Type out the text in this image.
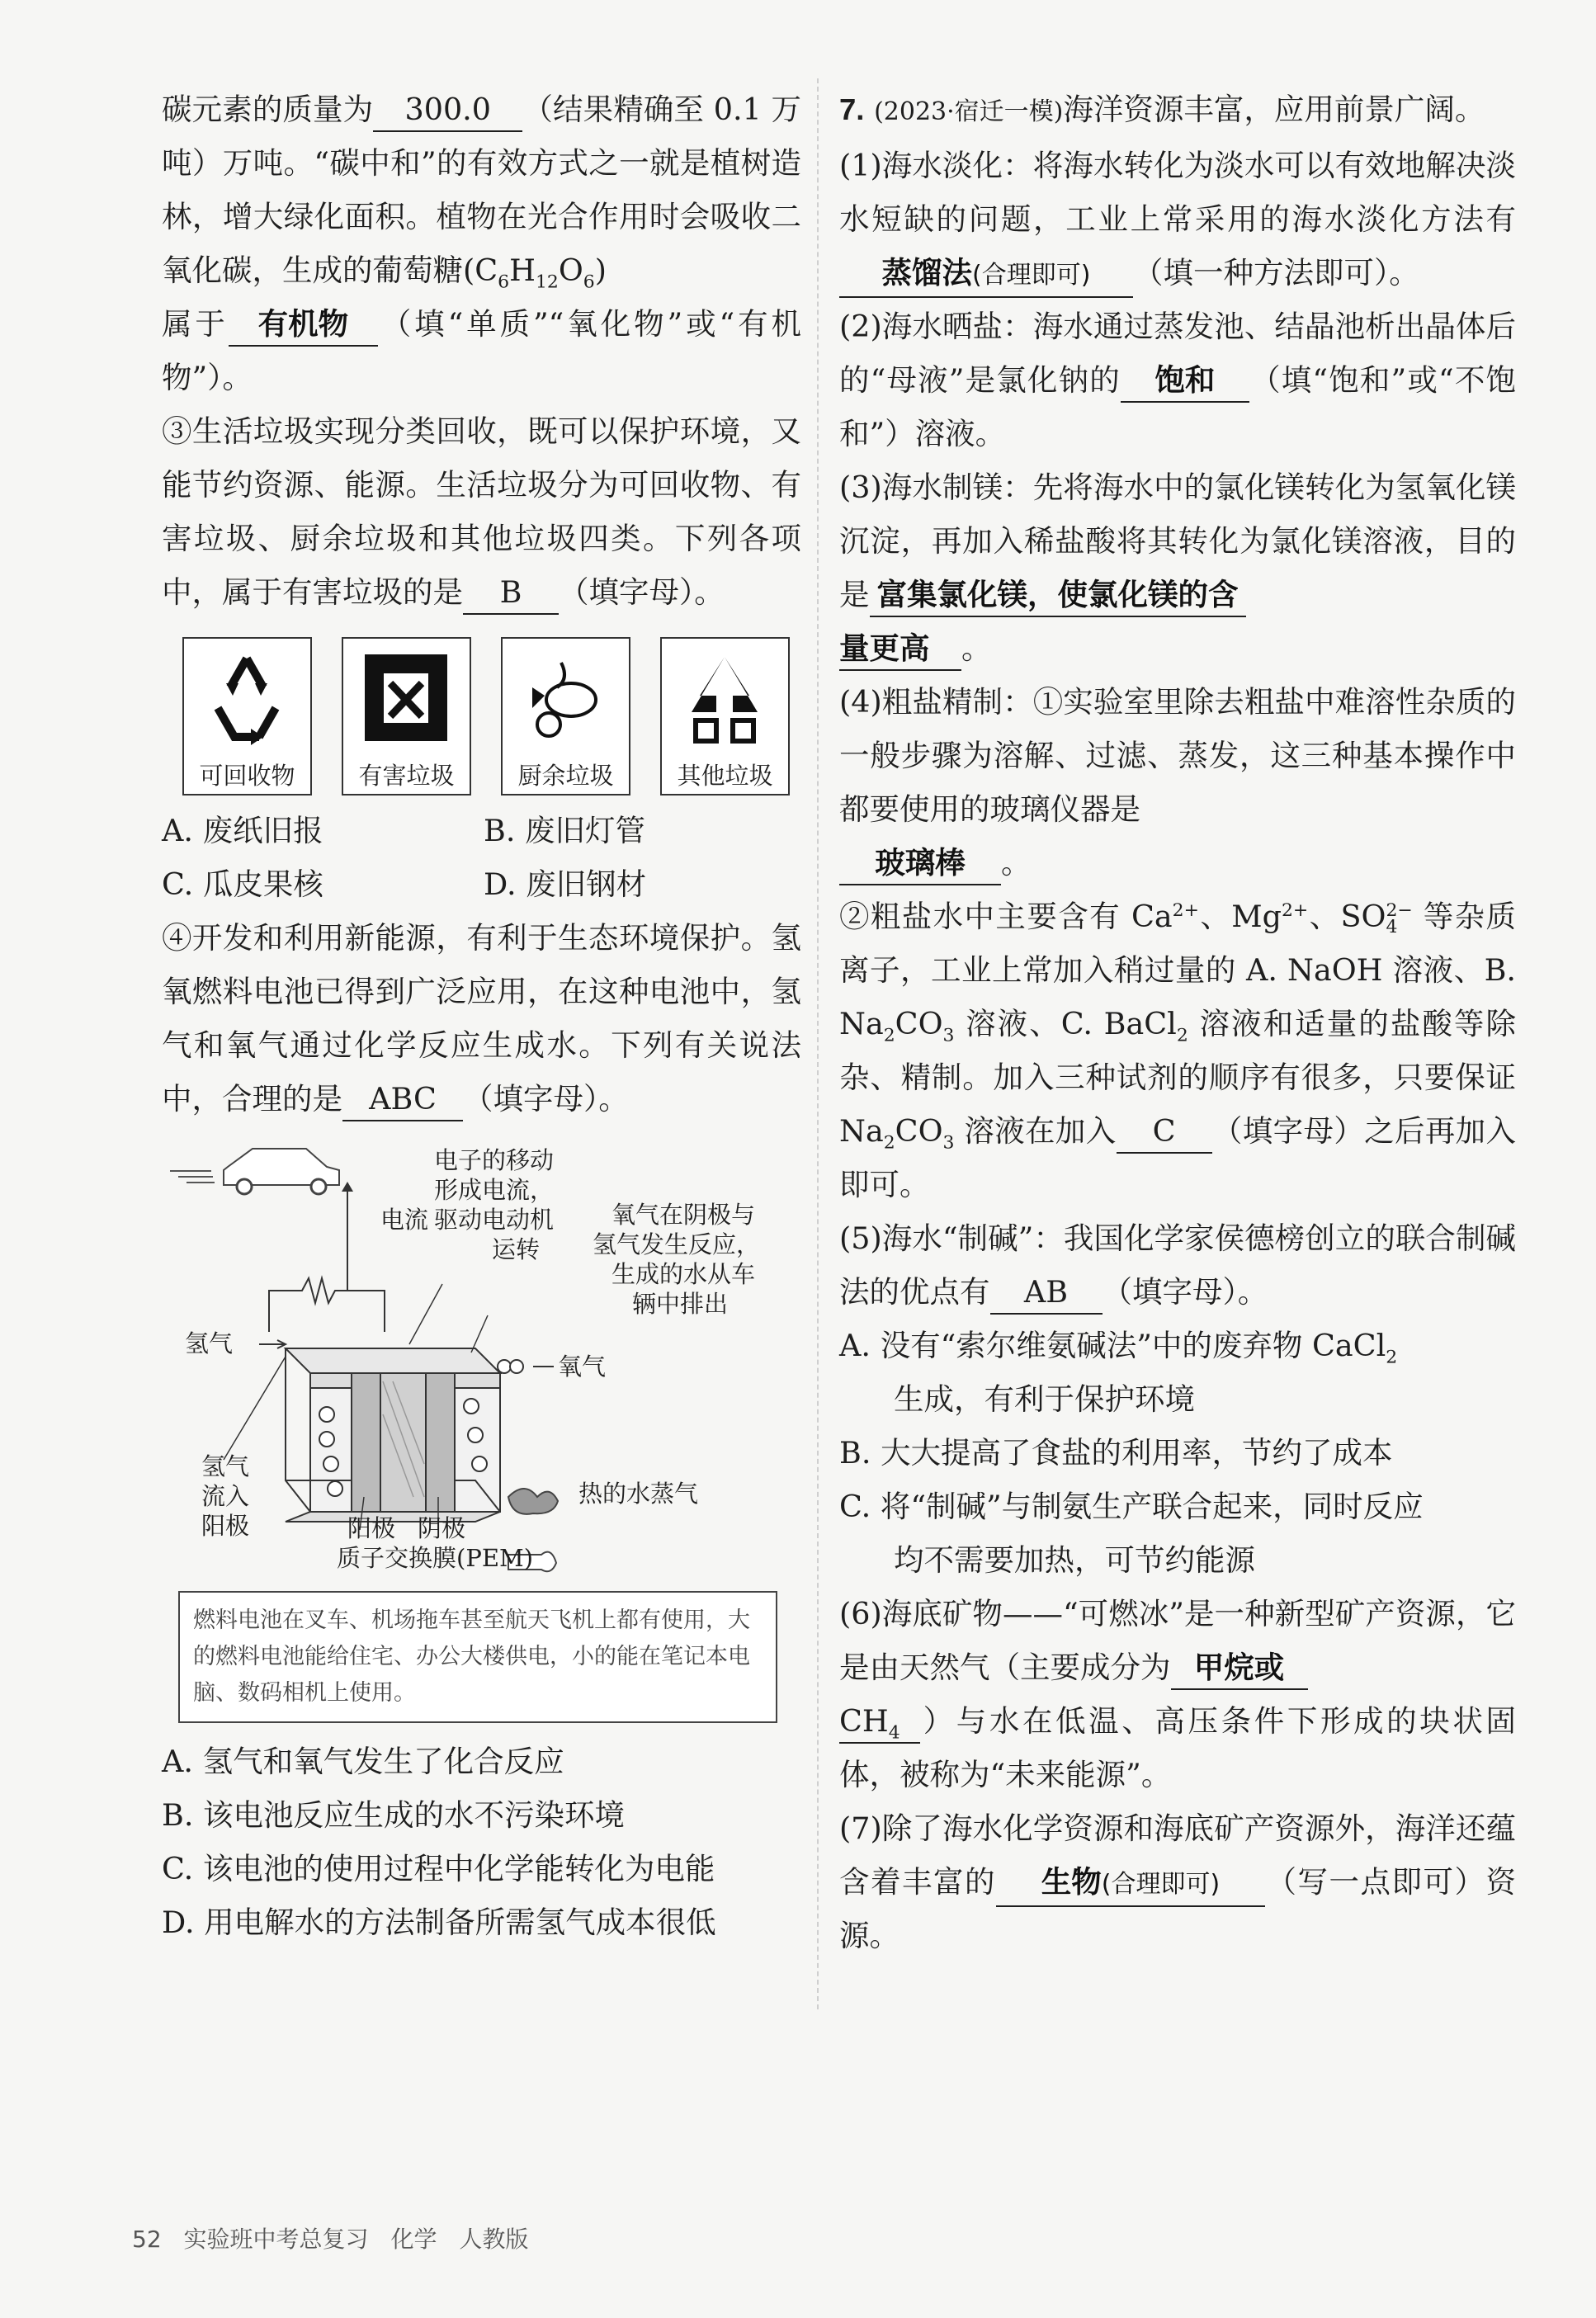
碳元素的质量为 300.0 （结果精确至 0.1 万吨）万吨。“碳中和”的有效方式之一就是植树造林，增大绿化面积。植物在光合作用时会吸收二氧化碳，生成的葡萄糖$(C_6H_{12}O_6)$
属于 有机物 （填“单质”“氧化物”或“有机物”）。

③生活垃圾实现分类回收，既可以保护环境，又能节约资源、能源。生活垃圾分为可回收物、有害垃圾、厨余垃圾和其他垃圾四类。下列各项中，属于有害垃圾的是 B （填字母）。

可回收物	有害垃圾	厨余垃圾	其他垃圾
A. 废纸旧报	B. 废旧灯管
C. 瓜皮果核	D. 废旧钢材

④开发和利用新能源，有利于生态环境保护。氢氧燃料电池已得到广泛应用，在这种电池中，氢气和氧气通过化学反应生成水。下列有关说法中，合理的是 ABC （填字母）。

电子的移动
形成电流，
电流 驱动电动机
运转
氧气在阴极与
氢气发生反应，
生成的水从车
辆中排出
氢气
氧气
氢气
流入
阳极
热的水蒸气
阳极 阴极
质子交换膜(PEM)
燃料电池在叉车、机场拖车甚至航天飞机上都有使用，大的燃料电池能给住宅、办公大楼供电，小的能在笔记本电脑、数码相机上使用。

A. 氢气和氧气发生了化合反应

B. 该电池反应生成的水不污染环境

C. 该电池的使用过程中化学能转化为电能

D. 用电解水的方法制备所需氢气成本很低

7. (2023·宿迁一模)海洋资源丰富，应用前景广阔。

(1)海水淡化：将海水转化为淡水可以有效地解决淡水短缺的问题，工业上常采用的海水淡化方法有蒸馏法(合理即可) （填一种方法即可）。

(2)海水晒盐：海水通过蒸发池、结晶池析出晶体后的“母液”是氯化钠的 饱和 （填“饱和”或“不饱和”）溶液。

(3)海水制镁：先将海水中的氯化镁转化为氢氧化镁沉淀，再加入稀盐酸将其转化为氯化镁溶液，目的是 富集氯化镁，使氯化镁的含
量更高 。

(4)粗盐精制：①实验室里除去粗盐中难溶性杂质的一般步骤为溶解、过滤、蒸发，这三种基本操作中都要使用的玻璃仪器是
玻璃棒 。

②粗盐水中主要含有 $Ca^{2+}$、$Mg^{2+}$、SO 2−
4 等杂质离子，工业上常加入稍过量的 A. NaOH 溶液、B. $Na_2CO_3$ 溶液、C. BaCl$_2$ 溶液和适量的盐酸等除杂、精制。加入三种试剂的顺序有很多，只要保证 $Na_2CO_3$ 溶液在加入 C （填字母）之后再加入即可。

(5)海水“制碱”：我国化学家侯德榜创立的联合制碱法的优点有 AB （填字母）。

A. 没有“索尔维氨碱法”中的废弃物 CaCl$_2$
生成，有利于保护环境

B. 大大提高了食盐的利用率，节约了成本

C. 将“制碱”与制氨生产联合起来，同时反应
均不需要加热，可节约能源

(6)海底矿物——“可燃冰”是一种新型矿产资源，它是由天然气（主要成分为 甲烷或
$CH_4$ ）与水在低温、高压条件下形成的块状固体，被称为“未来能源”。

(7)除了海水化学资源和海底矿产资源外，海洋还蕴含着丰富的 生物(合理即可) （写一点即可）资源。

52 实验班中考总复习 化学 人教版
